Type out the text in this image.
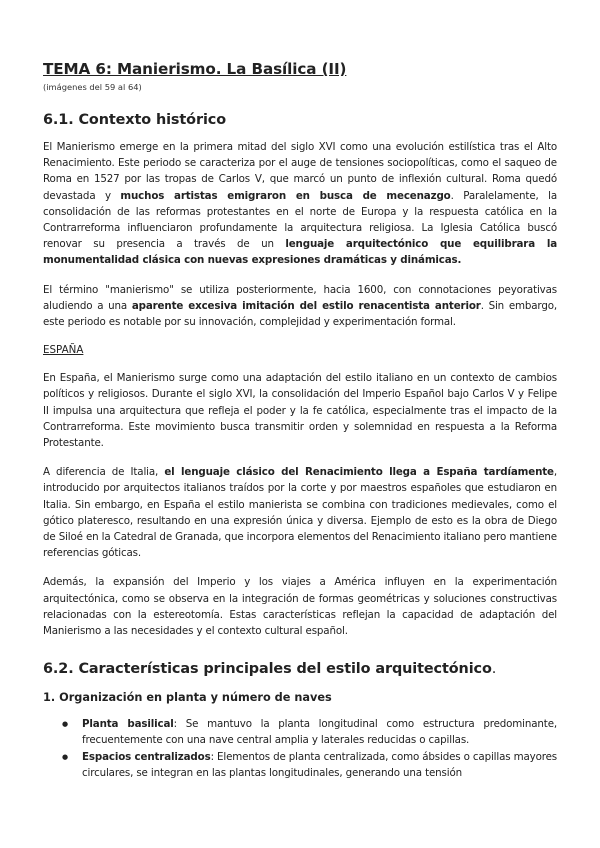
TEMA 6: Manierismo. La Basílica (II)
(imágenes del 59 al 64)
6.1. Contexto histórico

El Manierismo emerge en la primera mitad del siglo XVI como una evolución estilística tras el Alto Renacimiento. Este periodo se caracteriza por el auge de tensiones sociopolíticas, como el saqueo de Roma en 1527 por las tropas de Carlos V, que marcó un punto de inflexión cultural. Roma quedó devastada y muchos artistas emigraron en busca de mecenazgo. Paralelamente, la consolidación de las reformas protestantes en el norte de Europa y la respuesta católica en la Contrarreforma influenciaron profundamente la arquitectura religiosa. La Iglesia Católica buscó renovar su presencia a través de un lenguaje arquitectónico que equilibrara la monumentalidad clásica con nuevas expresiones dramáticas y dinámicas.

El término "manierismo" se utiliza posteriormente, hacia 1600, con connotaciones peyorativas aludiendo a una aparente excesiva imitación del estilo renacentista anterior. Sin embargo, este periodo es notable por su innovación, complejidad y experimentación formal.

ESPAÑA

En España, el Manierismo surge como una adaptación del estilo italiano en un contexto de cambios políticos y religiosos. Durante el siglo XVI, la consolidación del Imperio Español bajo Carlos V y Felipe II impulsa una arquitectura que refleja el poder y la fe católica, especialmente tras el impacto de la Contrarreforma. Este movimiento busca transmitir orden y solemnidad en respuesta a la Reforma Protestante.

A diferencia de Italia, el lenguaje clásico del Renacimiento llega a España tardíamente, introducido por arquitectos italianos traídos por la corte y por maestros españoles que estudiaron en Italia. Sin embargo, en España el estilo manierista se combina con tradiciones medievales, como el gótico plateresco, resultando en una expresión única y diversa. Ejemplo de esto es la obra de Diego de Siloé en la Catedral de Granada, que incorpora elementos del Renacimiento italiano pero mantiene referencias góticas.

Además, la expansión del Imperio y los viajes a América influyen en la experimentación arquitectónica, como se observa en la integración de formas geométricas y soluciones constructivas relacionadas con la estereotomía. Estas características reflejan la capacidad de adaptación del Manierismo a las necesidades y el contexto cultural español.

6.2. Características principales del estilo arquitectónico.
1. Organización en planta y número de naves
● Planta basilical: Se mantuvo la planta longitudinal como estructura predominante, frecuentemente con una nave central amplia y laterales reducidas o capillas.
● Espacios centralizados: Elementos de planta centralizada, como ábsides o capillas mayores circulares, se integran en las plantas longitudinales, generando una tensión
